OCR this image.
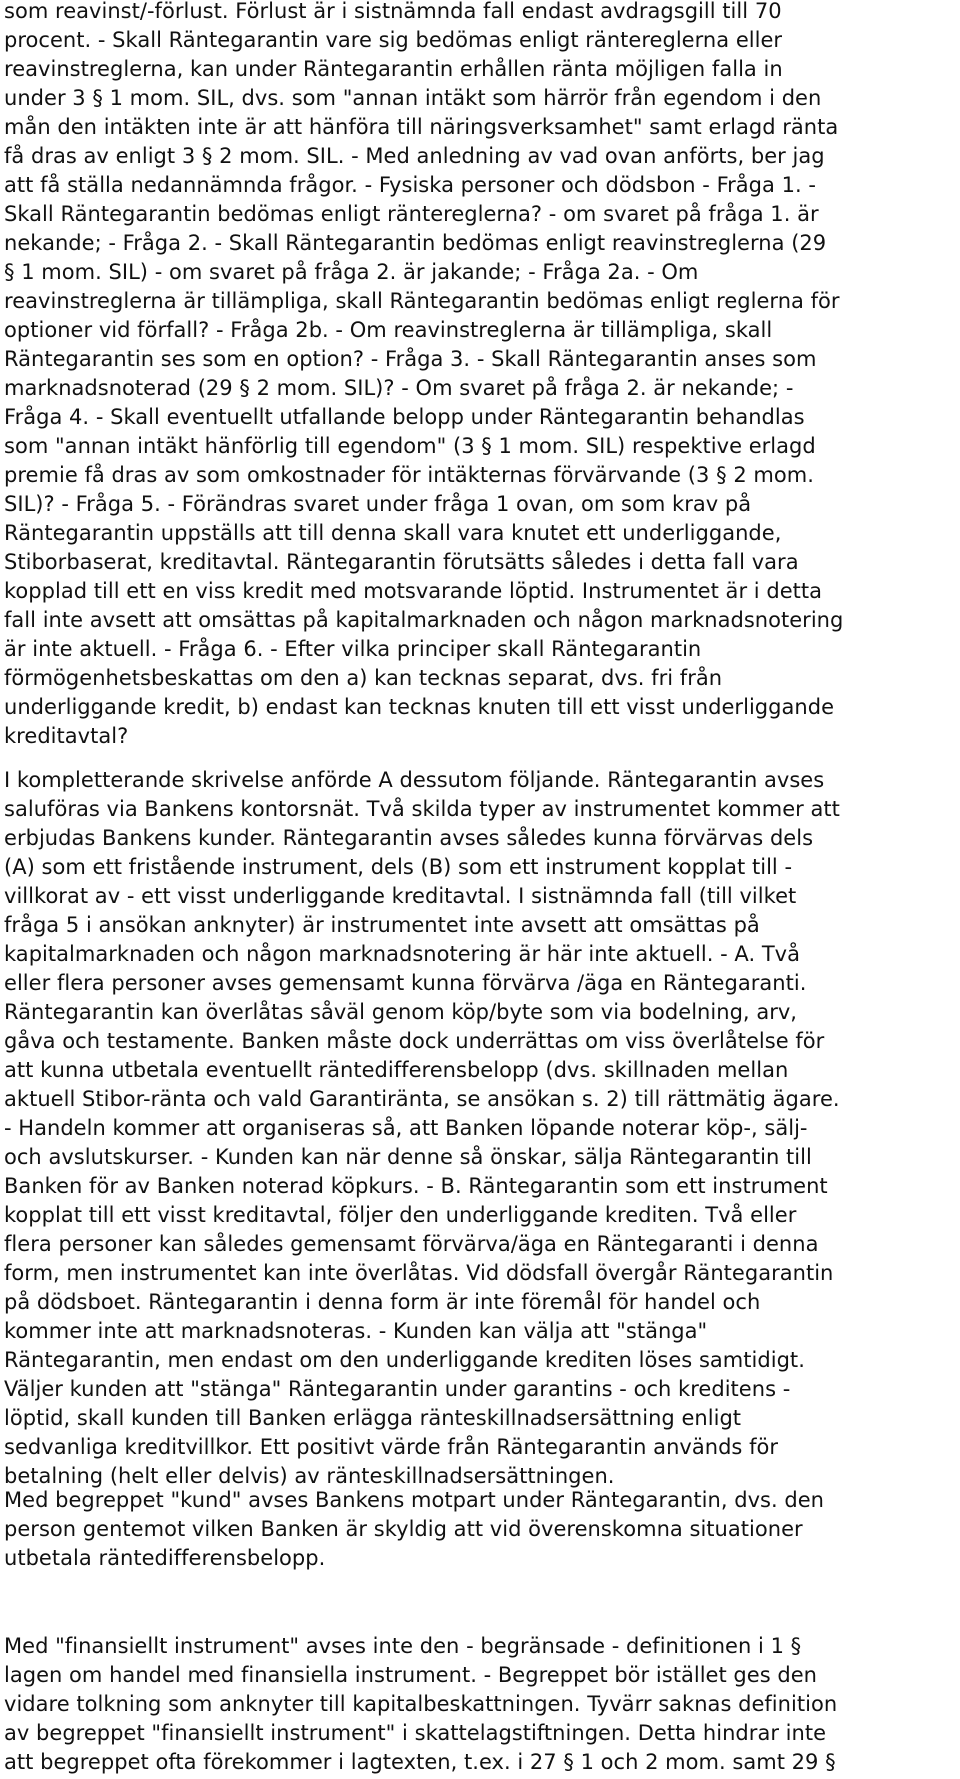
som reavinst/-förlust. Förlust är i sistnämnda fall endast avdragsgill till 70
procent. - Skall Räntegarantin vare sig bedömas enligt räntereglerna eller
reavinstreglerna, kan under Räntegarantin erhållen ränta möjligen falla in
under 3 § 1 mom. SIL, dvs. som "annan intäkt som härrör från egendom i den
mån den intäkten inte är att hänföra till näringsverksamhet" samt erlagd ränta
få dras av enligt 3 § 2 mom. SIL. - Med anledning av vad ovan anförts, ber jag
att få ställa nedannämnda frågor. - Fysiska personer och dödsbon - Fråga 1. -
Skall Räntegarantin bedömas enligt räntereglerna? - om svaret på fråga 1. är
nekande; - Fråga 2. - Skall Räntegarantin bedömas enligt reavinstreglerna (29
§ 1 mom. SIL) - om svaret på fråga 2. är jakande; - Fråga 2a. - Om
reavinstreglerna är tillämpliga, skall Räntegarantin bedömas enligt reglerna för
optioner vid förfall? - Fråga 2b. - Om reavinstreglerna är tillämpliga, skall
Räntegarantin ses som en option? - Fråga 3. - Skall Räntegarantin anses som
marknadsnoterad (29 § 2 mom. SIL)? - Om svaret på fråga 2. är nekande; -
Fråga 4. - Skall eventuellt utfallande belopp under Räntegarantin behandlas
som "annan intäkt hänförlig till egendom" (3 § 1 mom. SIL) respektive erlagd
premie få dras av som omkostnader för intäkternas förvärvande (3 § 2 mom.
SIL)? - Fråga 5. - Förändras svaret under fråga 1 ovan, om som krav på
Räntegarantin uppställs att till denna skall vara knutet ett underliggande,
Stiborbaserat, kreditavtal. Räntegarantin förutsätts således i detta fall vara
kopplad till ett en viss kredit med motsvarande löptid. Instrumentet är i detta
fall inte avsett att omsättas på kapitalmarknaden och någon marknadsnotering
är inte aktuell. - Fråga 6. - Efter vilka principer skall Räntegarantin
förmögenhetsbeskattas om den a) kan tecknas separat, dvs. fri från
underliggande kredit, b) endast kan tecknas knuten till ett visst underliggande
kreditavtal?
I kompletterande skrivelse anförde A dessutom följande. Räntegarantin avses
saluföras via Bankens kontorsnät. Två skilda typer av instrumentet kommer att
erbjudas Bankens kunder. Räntegarantin avses således kunna förvärvas dels
(A) som ett fristående instrument, dels (B) som ett instrument kopplat till -
villkorat av - ett visst underliggande kreditavtal. I sistnämnda fall (till vilket
fråga 5 i ansökan anknyter) är instrumentet inte avsett att omsättas på
kapitalmarknaden och någon marknadsnotering är här inte aktuell. - A. Två
eller flera personer avses gemensamt kunna förvärva /äga en Räntegaranti.
Räntegarantin kan överlåtas såväl genom köp/byte som via bodelning, arv,
gåva och testamente. Banken måste dock underrättas om viss överlåtelse för
att kunna utbetala eventuellt räntedifferensbelopp (dvs. skillnaden mellan
aktuell Stibor-ränta och vald Garantiränta, se ansökan s. 2) till rättmätig ägare.
- Handeln kommer att organiseras så, att Banken löpande noterar köp-, sälj-
och avslutskurser. - Kunden kan när denne så önskar, sälja Räntegarantin till
Banken för av Banken noterad köpkurs. - B. Räntegarantin som ett instrument
kopplat till ett visst kreditavtal, följer den underliggande krediten. Två eller
flera personer kan således gemensamt förvärva/äga en Räntegaranti i denna
form, men instrumentet kan inte överlåtas. Vid dödsfall övergår Räntegarantin
på dödsboet. Räntegarantin i denna form är inte föremål för handel och
kommer inte att marknadsnoteras. - Kunden kan välja att "stänga"
Räntegarantin, men endast om den underliggande krediten löses samtidigt.
Väljer kunden att "stänga" Räntegarantin under garantins - och kreditens -
löptid, skall kunden till Banken erlägga ränteskillnadsersättning enligt
sedvanliga kreditvillkor. Ett positivt värde från Räntegarantin används för
betalning (helt eller delvis) av ränteskillnadsersättningen.
Med begreppet "kund" avses Bankens motpart under Räntegarantin, dvs. den
person gentemot vilken Banken är skyldig att vid överenskomna situationer
utbetala räntedifferensbelopp.
Med "finansiellt instrument" avses inte den - begränsade - definitionen i 1 §
lagen om handel med finansiella instrument. - Begreppet bör istället ges den
vidare tolkning som anknyter till kapitalbeskattningen. Tyvärr saknas definition
av begreppet "finansiellt instrument" i skattelagstiftningen. Detta hindrar inte
att begreppet ofta förekommer i lagtexten, t.ex. i 27 § 1 och 2 mom. samt 29 §
